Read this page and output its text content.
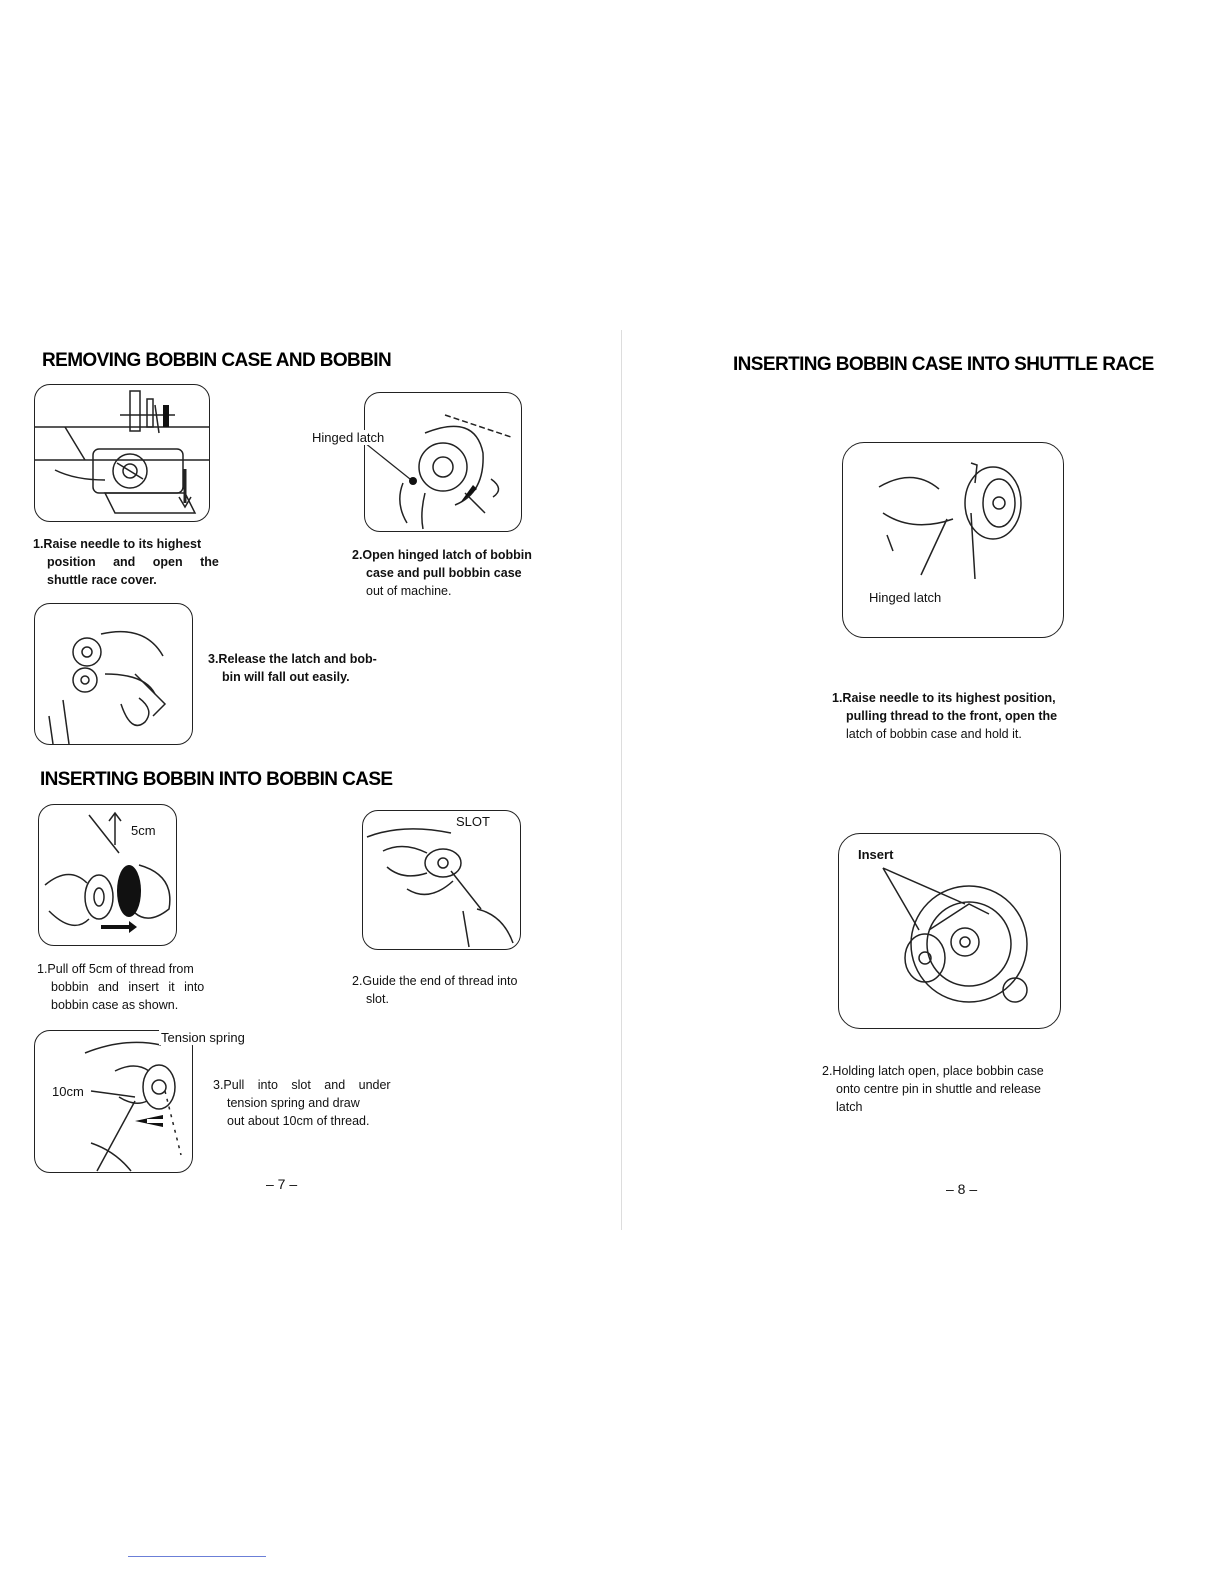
REMOVING BOBBIN CASE AND BOBBIN
1.Raise needle to its highest
position and open the
shuttle race cover.
Hinged latch
2.Open hinged latch of bobbin
case and pull bobbin case
out of machine.
3.Release the latch and bob-
bin will fall out easily.
INSERTING BOBBIN INTO BOBBIN CASE
5cm
1.Pull off 5cm of thread from
bobbin and insert it into
bobbin case as shown.
SLOT
2.Guide the end of thread into
slot.
Tension spring
10cm	3.Pull into slot and under
tension spring and draw
out about 10cm of thread.
– 7 –
INSERTING BOBBIN CASE INTO SHUTTLE RACE
Hinged latch
1.Raise needle to its highest position,
pulling thread to the front, open the
latch of bobbin case and hold it.
Insert
2.Holding latch open, place bobbin case
onto centre pin in shuttle and release
latch
– 8 –
